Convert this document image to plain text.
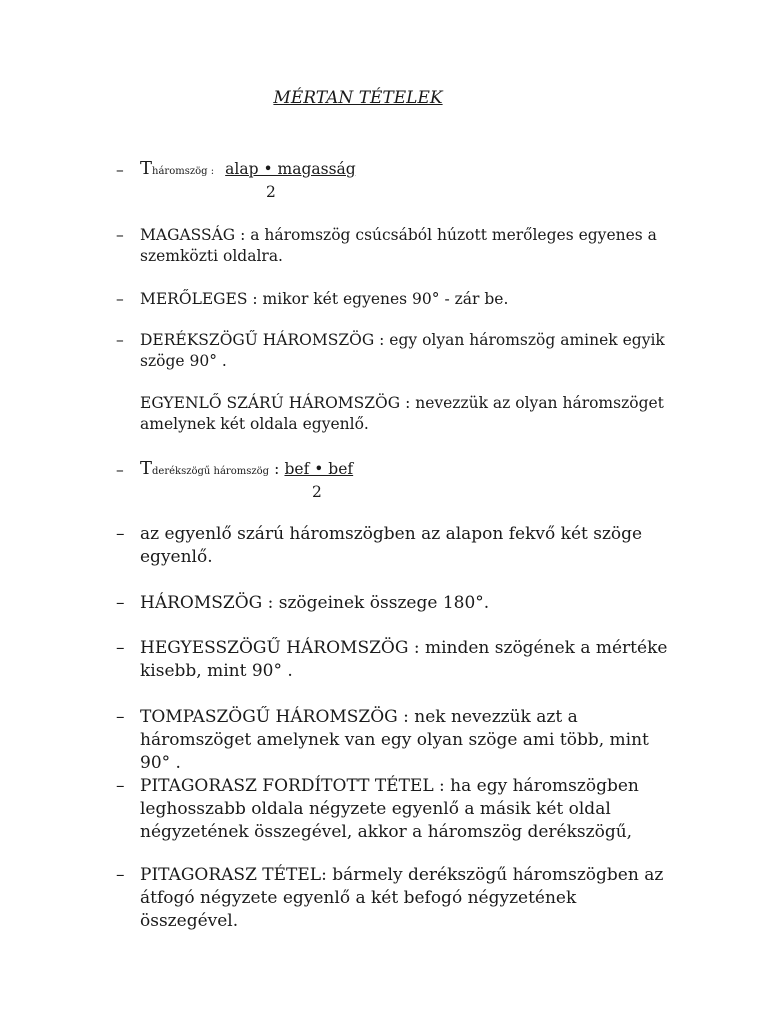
MÉRTAN TÉTELEK
– Tháromszög : alap • magasság
2
– MAGASSÁG : a háromszög csúcsából húzott merőleges egyenes a szemközti oldalra.
– MERŐLEGES : mikor két egyenes 90° - zár be.
– DERÉKSZÖGŰ HÁROMSZÖG : egy olyan háromszög aminek egyik szöge 90° .
EGYENLŐ SZÁRÚ HÁROMSZÖG : nevezzük az olyan háromszöget amelynek két oldala egyenlő.
– Tderékszögű háromszög : bef • bef
2
– az egyenlő szárú háromszögben az alapon fekvő két szöge egyenlő.
– HÁROMSZÖG : szögeinek összege 180°.
– HEGYESSZÖGŰ HÁROMSZÖG : minden szögének a mértéke kisebb, mint 90° .
– TOMPASZÖGŰ HÁROMSZÖG : nek nevezzük azt a háromszöget amelynek van egy olyan szöge ami több, mint 90° .
– PITAGORASZ FORDÍTOTT TÉTEL : ha egy háromszögben leghosszabb oldala négyzete egyenlő a másik két oldal négyzetének összegével, akkor a háromszög derékszögű,
– PITAGORASZ TÉTEL: bármely derékszögű háromszögben az átfogó négyzete egyenlő a két befogó négyzetének összegével.
